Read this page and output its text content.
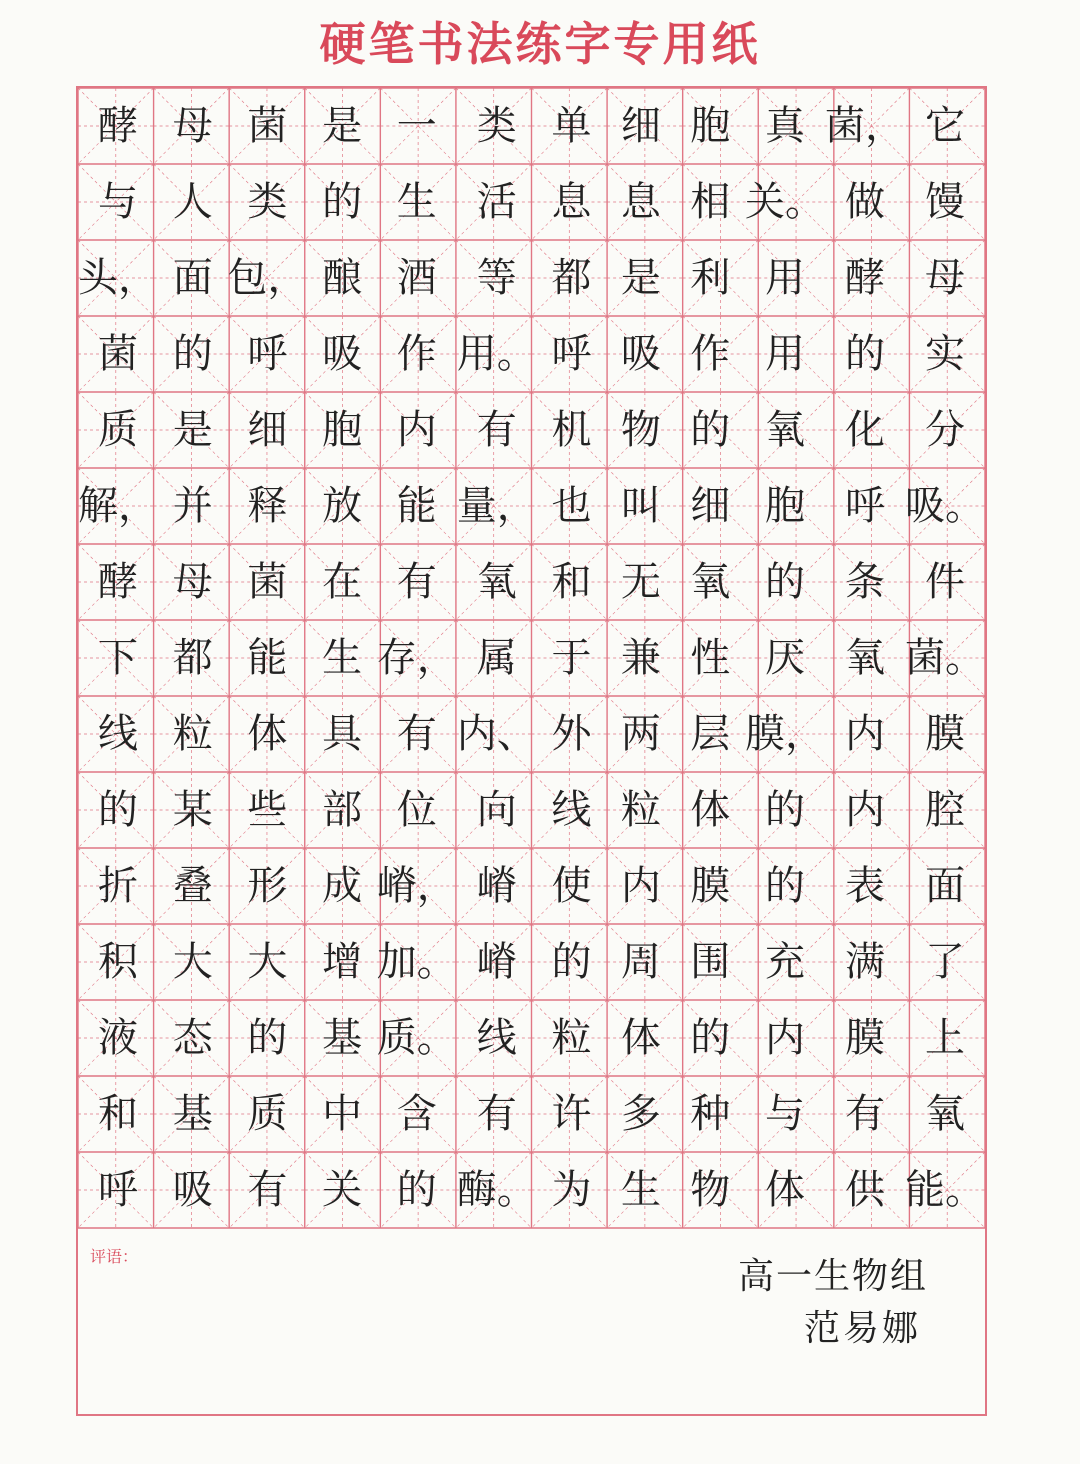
硬笔书法练字专用纸
酵 母 菌 是 一	类 单 细 胞 真 菌， 它
与 人 类 的 生	活 息 息 相 关。 做	馒
头， 面 包， 酿 酒	等 都 是 利 用	酵	母
菌 的 呼 吸 作 用。 呼 吸 作 用	的	实
质 是 细 胞 内	有 机 物 的 氧	化	分
解， 并 释 放 能 量， 也 叫 细 胞	呼 吸。
酵 母 菌 在 有	氧 和 无 氧 的	条	件
下 都 能 生 存， 属 于 兼 性 厌	氧 菌。
线 粒 体 具 有 内、 外 两 层 膜， 内	膜
的 某 些 部 位	向 线 粒 体 的	内	腔
折 叠 形 成 嵴， 嵴 使 内 膜 的	表	面
积 大 大 增 加。 嵴 的 周 围 充	满	了
液 态 的 基 质。 线 粒 体 的 内	膜	上
和 基 质 中 含	有 许 多 种 与	有	氧
呼 吸 有 关 的 酶。 为 生 物 体	供 能。
评语：	高一生物组
范易娜
